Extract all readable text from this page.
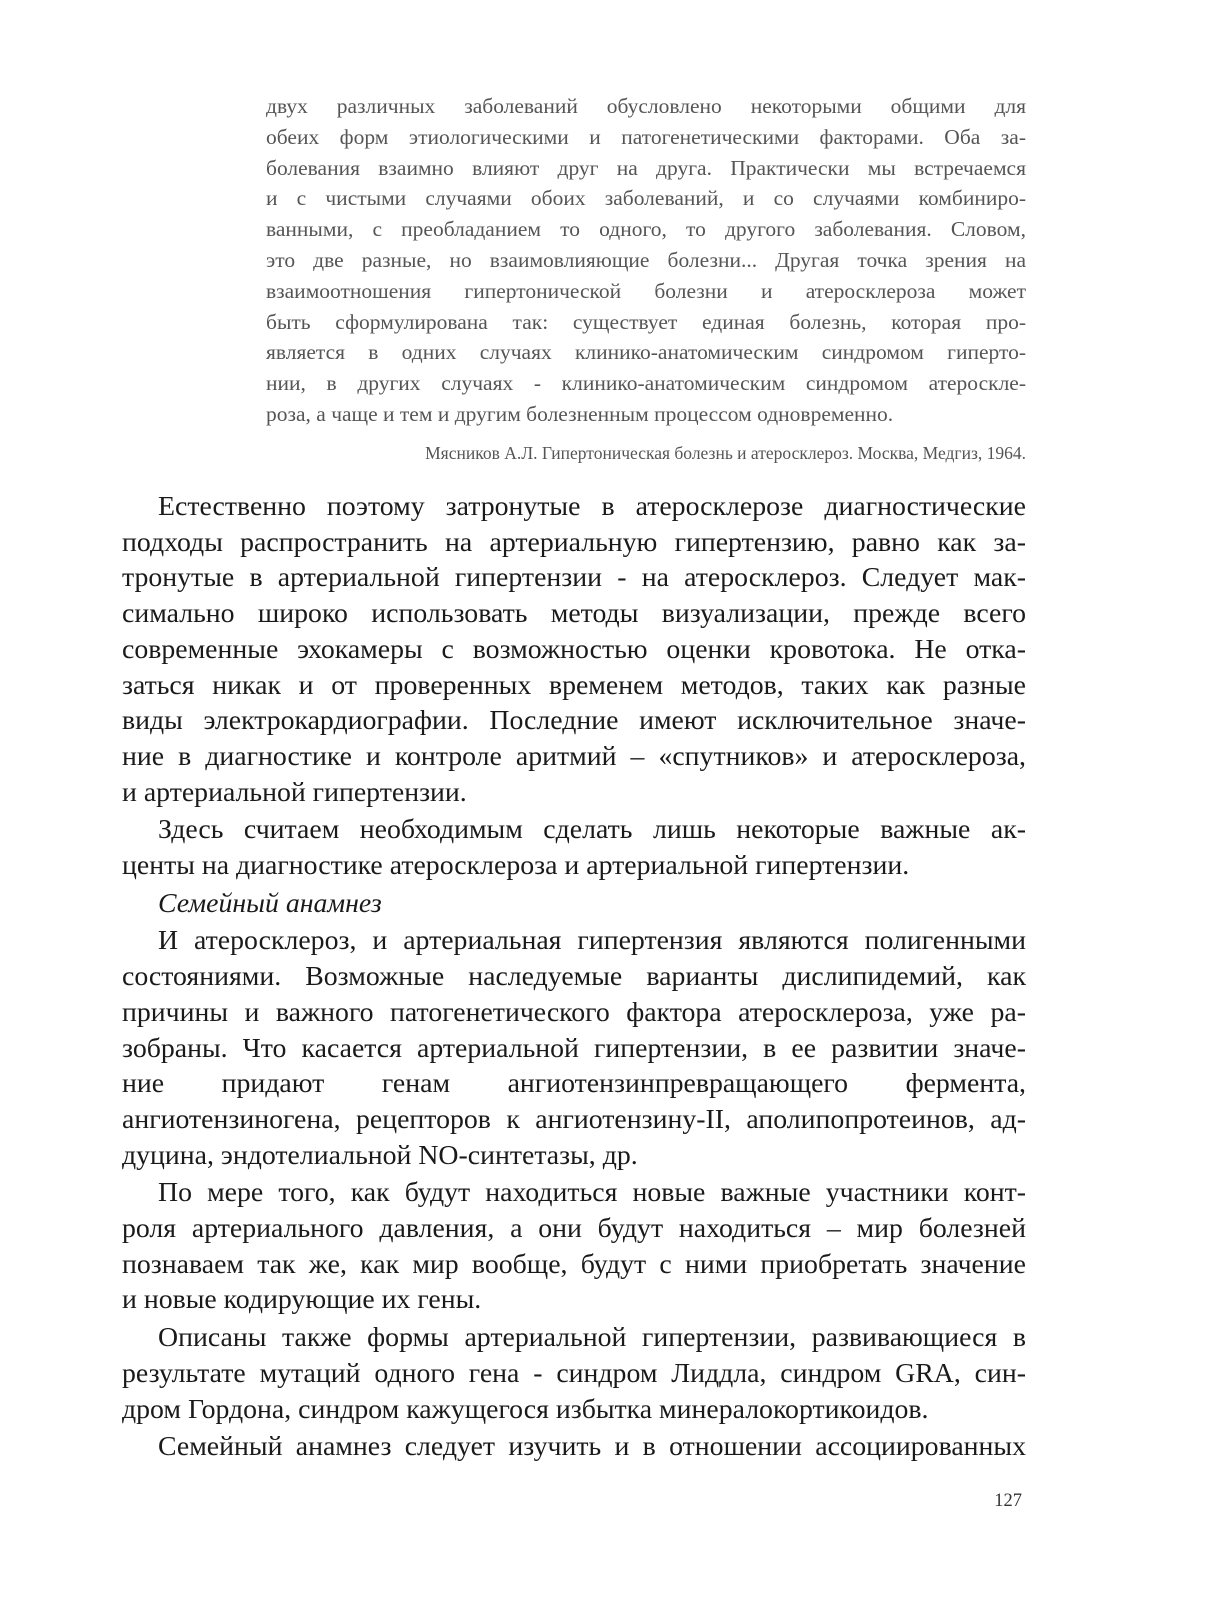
двух различных заболеваний обусловлено некоторыми общими для
обеих форм этиологическими и патогенетическими факторами. Оба за-
болевания взаимно влияют друг на друга. Практически мы встречаемся
и с чистыми случаями обоих заболеваний, и со случаями комбиниро-
ванными, с преобладанием то одного, то другого заболевания. Словом,
это две разные, но взаимовлияющие болезни... Другая точка зрения на
взаимоотношения гипертонической болезни и атеросклероза может
быть сформулирована так: существует единая болезнь, которая про-
является в одних случаях клинико-анатомическим синдромом гиперто-
нии, в других случаях - клинико-анатомическим синдромом атероскле-
роза, а чаще и тем и другим болезненным процессом одновременно.
Мясников А.Л. Гипертоническая болезнь и атеросклероз. Москва, Медгиз, 1964.
Естественно поэтому затронутые в атеросклерозе диагностические
подходы распространить на артериальную гипертензию, равно как за-
тронутые в артериальной гипертензии - на атеросклероз. Следует мак-
симально широко использовать методы визуализации, прежде всего
современные эхокамеры с возможностью оценки кровотока. Не отка-
заться никак и от проверенных временем методов, таких как разные
виды электрокардиографии. Последние имеют исключительное значе-
ние в диагностике и контроле аритмий – «спутников» и атеросклероза,
и артериальной гипертензии.
Здесь считаем необходимым сделать лишь некоторые важные ак-
центы на диагностике атеросклероза и артериальной гипертензии.
Семейный анамнез
И атеросклероз, и артериальная гипертензия являются полигенными
состояниями. Возможные наследуемые варианты дислипидемий, как
причины и важного патогенетического фактора атеросклероза, уже ра-
зобраны. Что касается артериальной гипертензии, в ее развитии значе-
ние придают генам ангиотензинпревращающего фермента,
ангиотензиногена, рецепторов к ангиотензину-II, аполипопротеинов, ад-
дуцина, эндотелиальной NO-синтетазы, др.
По мере того, как будут находиться новые важные участники конт-
роля артериального давления, а они будут находиться – мир болезней
познаваем так же, как мир вообще, будут с ними приобретать значение
и новые кодирующие их гены.
Описаны также формы артериальной гипертензии, развивающиеся в
результате мутаций одного гена - синдром Лиддла, синдром GRA, син-
дром Гордона, синдром кажущегося избытка минералокортикоидов.
Семейный анамнез следует изучить и в отношении ассоциированных
127
